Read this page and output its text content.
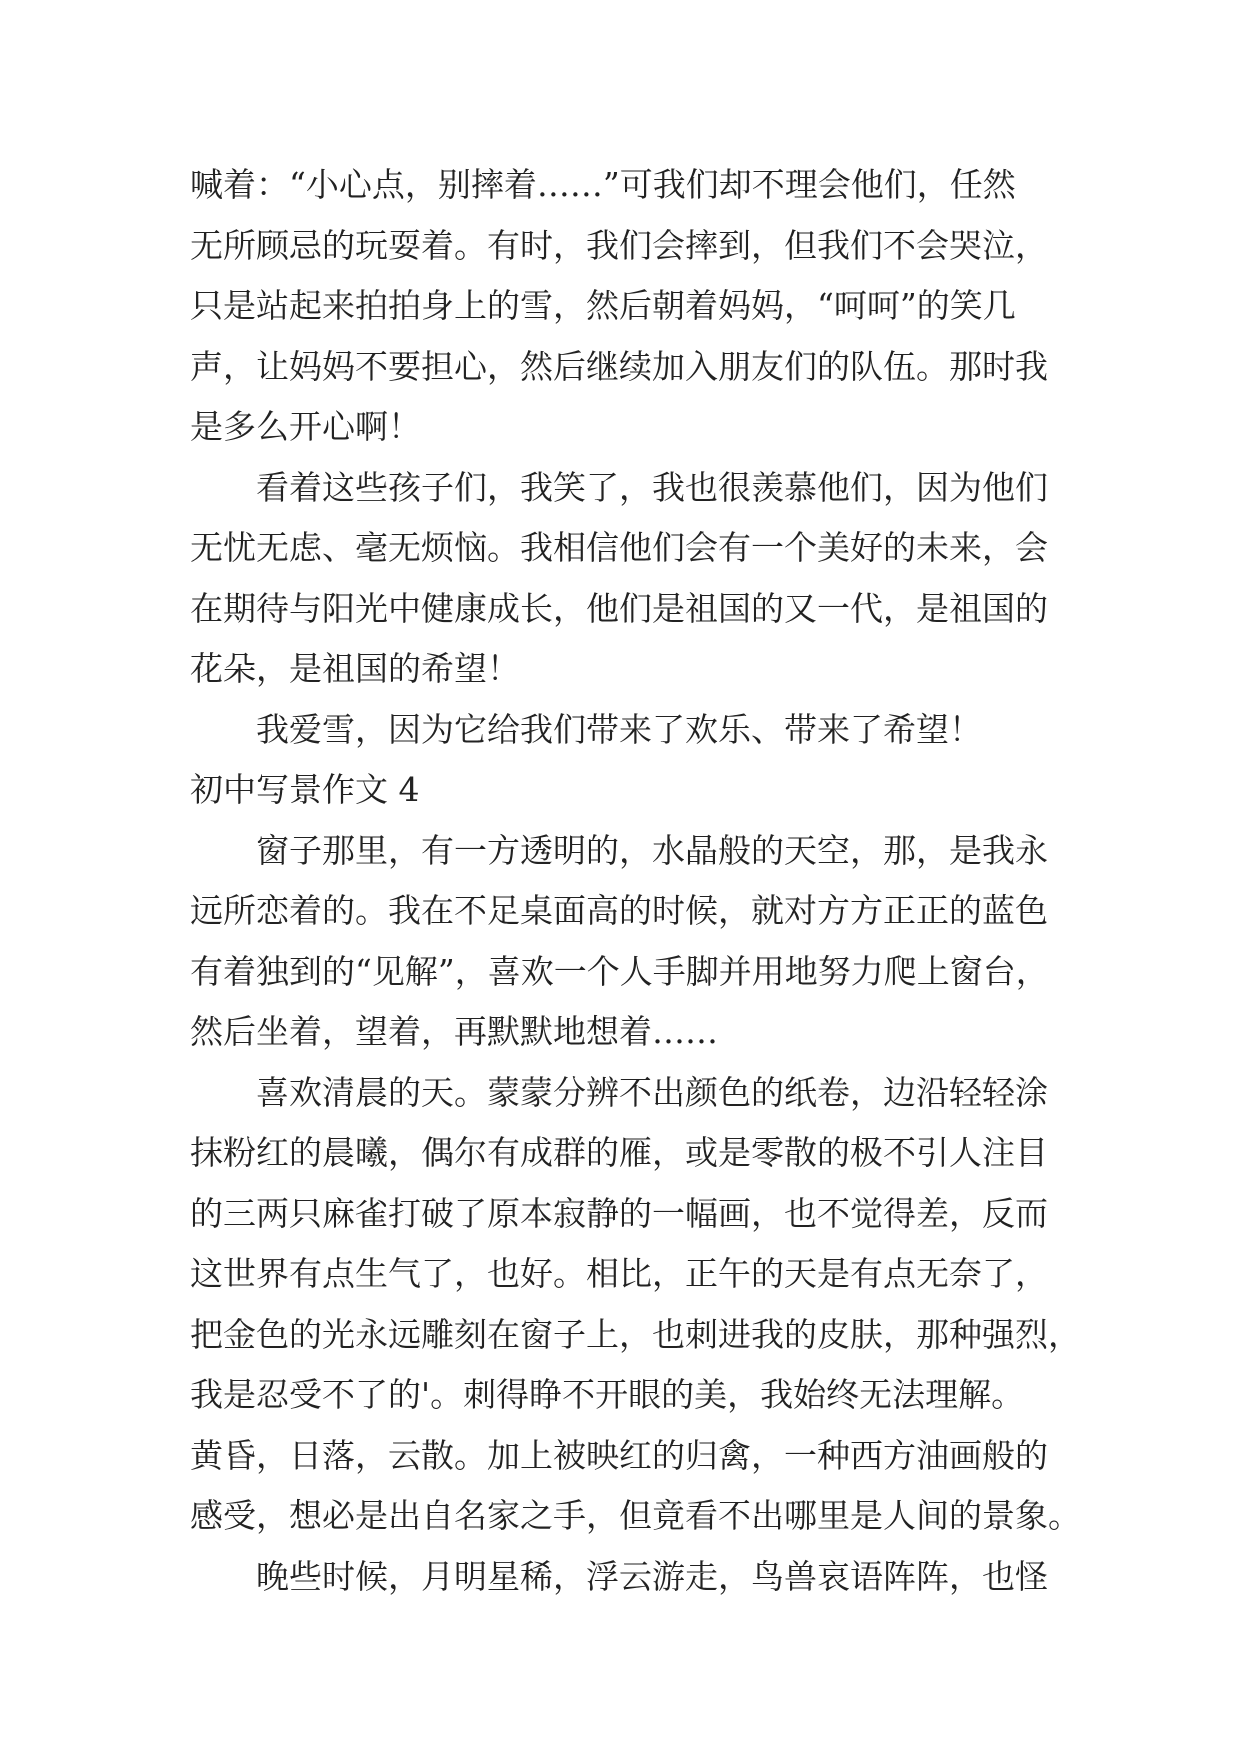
喊着：“小心点，别摔着……”可我们却不理会他们，任然
无所顾忌的玩耍着。有时，我们会摔到，但我们不会哭泣，
只是站起来拍拍身上的雪，然后朝着妈妈，“呵呵”的笑几
声，让妈妈不要担心，然后继续加入朋友们的队伍。那时我
是多么开心啊！
看着这些孩子们，我笑了，我也很羡慕他们，因为他们
无忧无虑、毫无烦恼。我相信他们会有一个美好的未来，会
在期待与阳光中健康成长，他们是祖国的又一代，是祖国的
花朵，是祖国的希望！
我爱雪，因为它给我们带来了欢乐、带来了希望！
初中写景作文 4
窗子那里，有一方透明的，水晶般的天空，那，是我永
远所恋着的。我在不足桌面高的时候，就对方方正正的蓝色
有着独到的“见解”，喜欢一个人手脚并用地努力爬上窗台，
然后坐着，望着，再默默地想着……
喜欢清晨的天。蒙蒙分辨不出颜色的纸卷，边沿轻轻涂
抹粉红的晨曦，偶尔有成群的雁，或是零散的极不引人注目
的三两只麻雀打破了原本寂静的一幅画，也不觉得差，反而
这世界有点生气了，也好。相比，正午的天是有点无奈了，
把金色的光永远雕刻在窗子上，也刺进我的皮肤，那种强烈，
我是忍受不了的'。刺得睁不开眼的美，我始终无法理解。
黄昏，日落，云散。加上被映红的归禽，一种西方油画般的
感受，想必是出自名家之手，但竟看不出哪里是人间的景象。
晚些时候，月明星稀，浮云游走，鸟兽哀语阵阵，也怪
